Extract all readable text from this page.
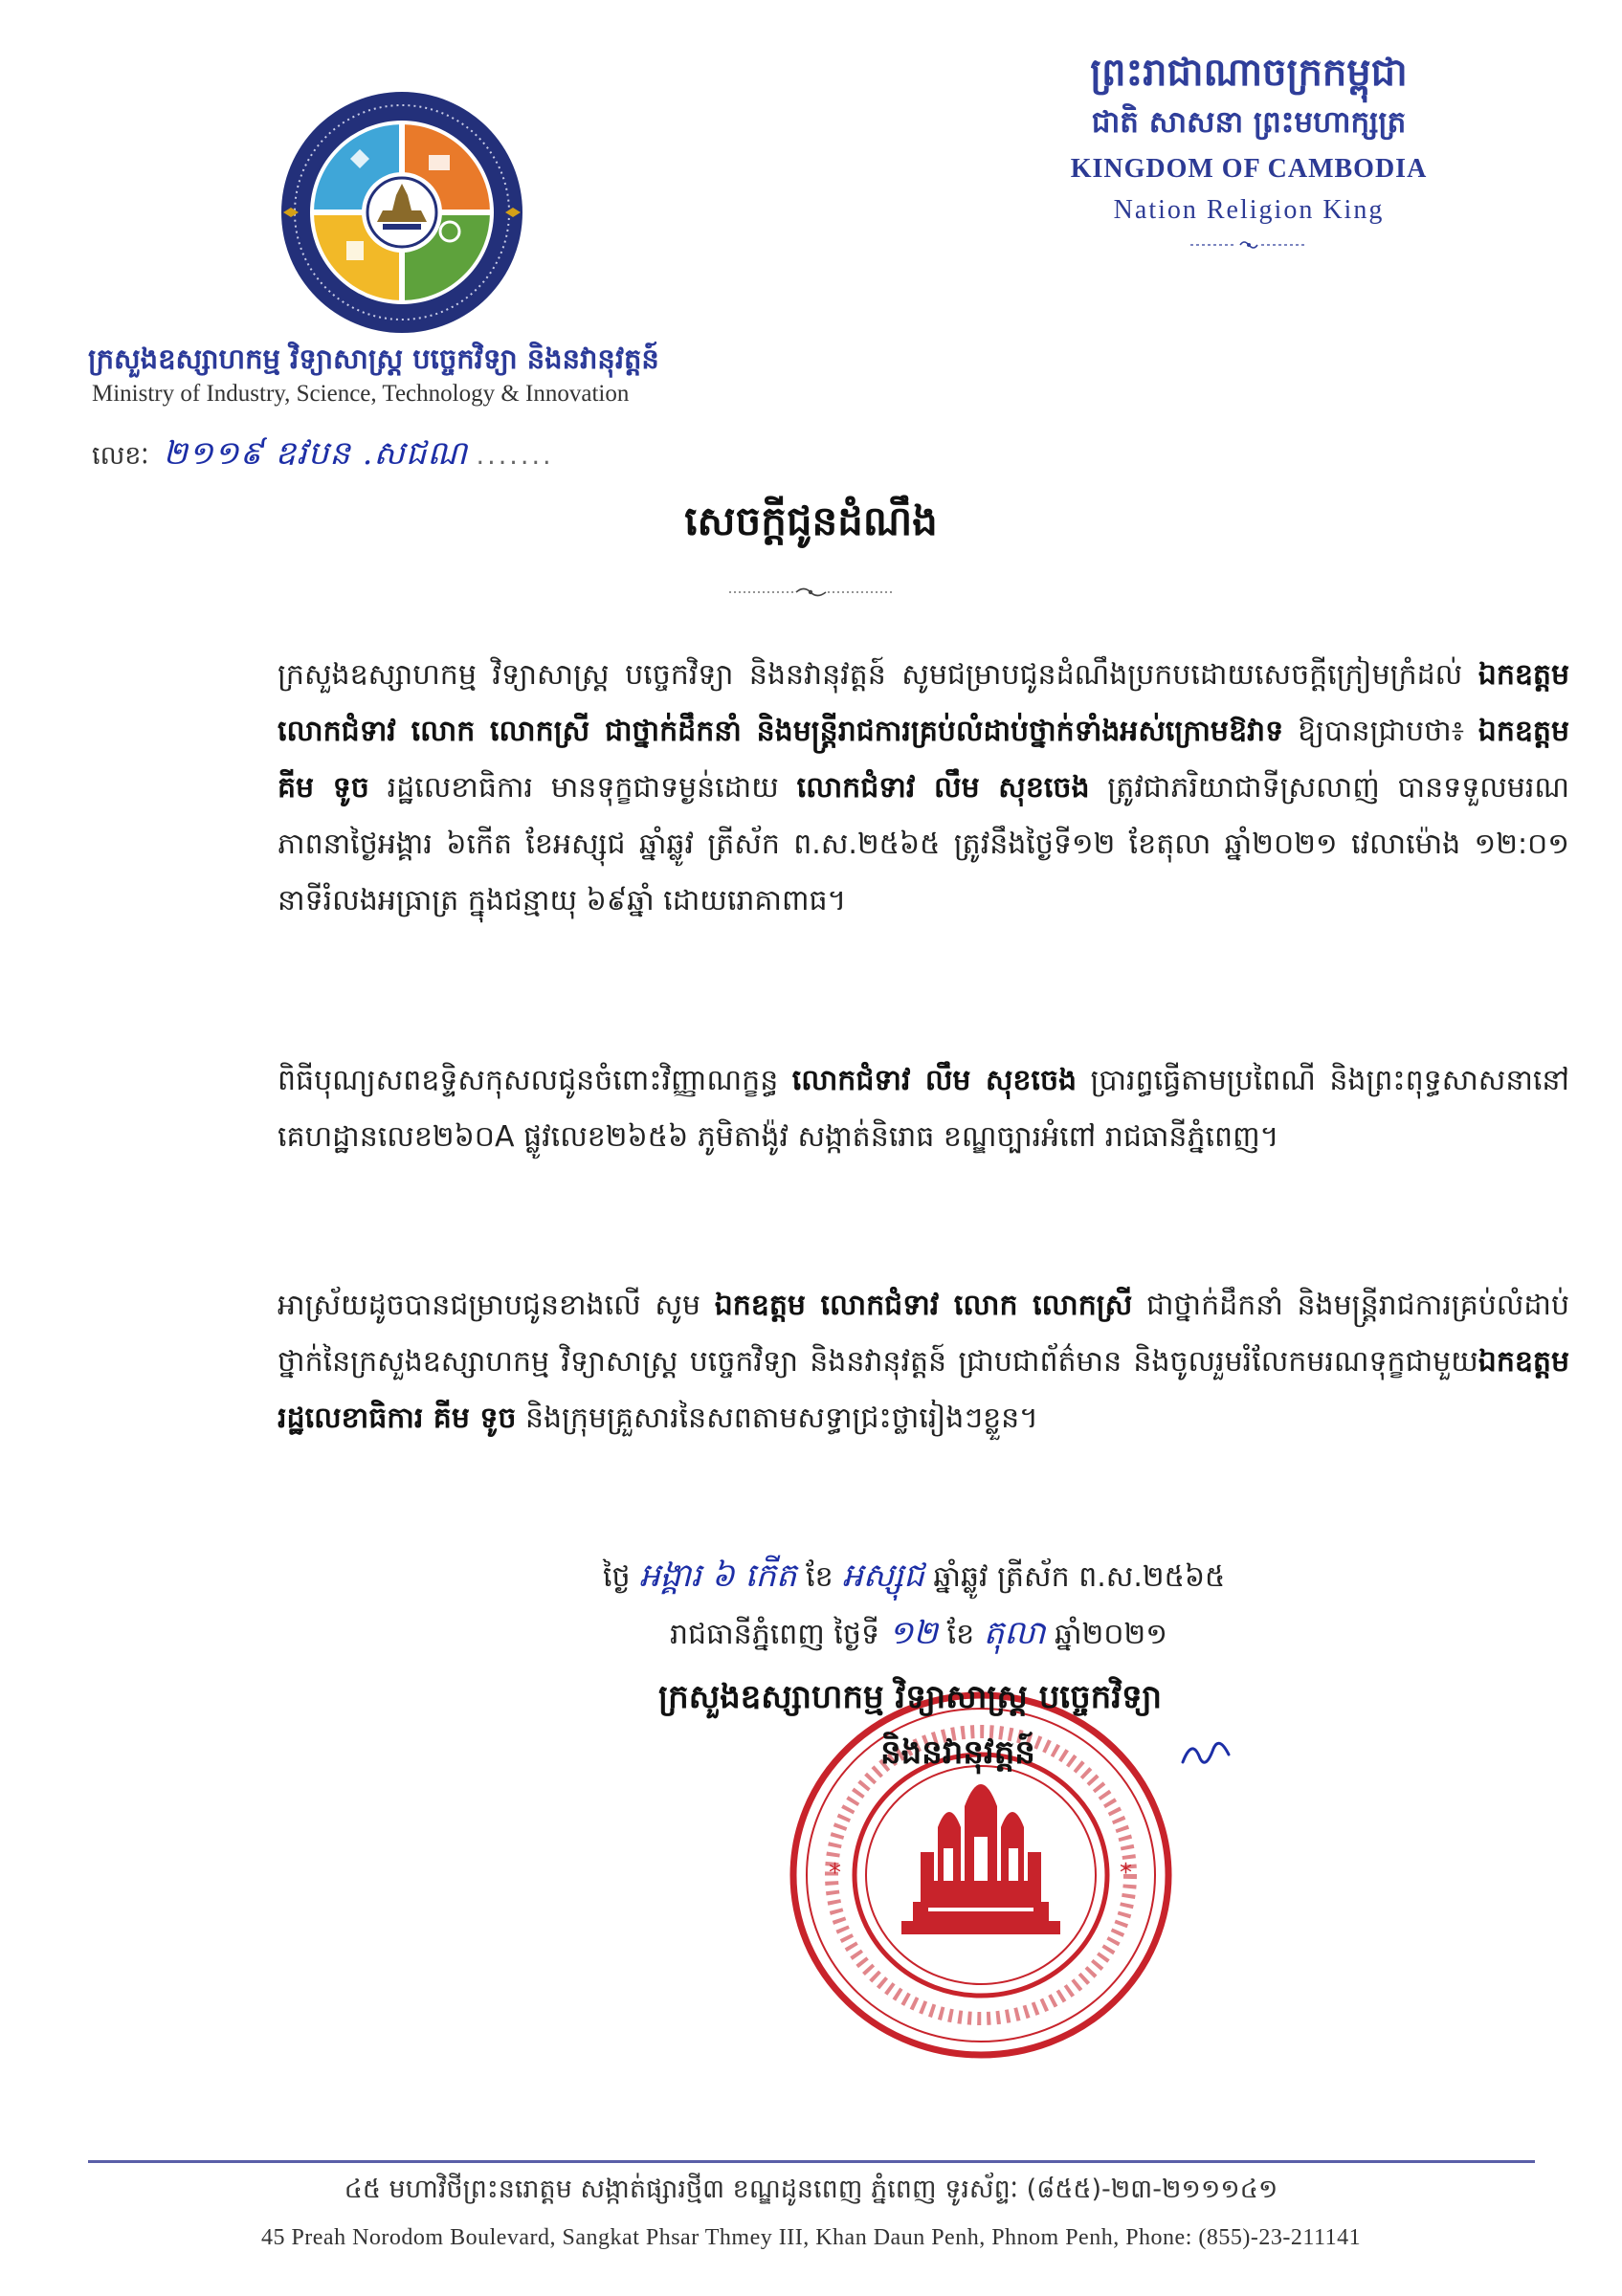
ព្រះរាជាណាចក្រកម្ពុជា
ជាតិ សាសនា ព្រះមហាក្សត្រ
KINGDOM OF CAMBODIA
Nation Religion King
ក្រសួងឧស្សាហកម្ម វិទ្យាសាស្ត្រ បច្ចេកវិទ្យា និងនវានុវត្តន៍
Ministry of Industry, Science, Technology & Innovation
លេខៈ ២១១៩ ឧវបន .សជណ .......
សេចក្តីជូនដំណឹង
ក្រសួងឧស្សាហកម្ម វិទ្យាសាស្ត្រ បច្ចេកវិទ្យា និងនវានុវត្តន៍ សូមជម្រាបជូនដំណឹងប្រកបដោយសេចក្តីក្រៀមក្រំដល់ ឯកឧត្តម លោកជំទាវ លោក លោកស្រី ជាថ្នាក់ដឹកនាំ និងមន្ត្រីរាជការគ្រប់លំដាប់ថ្នាក់ទាំងអស់ក្រោមឱវាទ ឱ្យបានជ្រាបថា៖ ឯកឧត្តម គីម ទូច រដ្ឋលេខាធិការ មានទុក្ខជាទម្ងន់ដោយ លោកជំទាវ លឹម សុខចេង ត្រូវជាភរិយាជាទីស្រលាញ់ បានទទួលមរណភាពនាថ្ងៃអង្គារ ៦កើត ខែអស្សុជ ឆ្នាំឆ្លូវ ត្រីស័ក ព.ស.២៥៦៥ ត្រូវនឹងថ្ងៃទី១២ ខែតុលា ឆ្នាំ២០២១ វេលាម៉ោង ១២:០១ នាទីរំលងអធ្រាត្រ ក្នុងជន្មាយុ ៦៩ឆ្នាំ ដោយរោគាពាធ។
ពិធីបុណ្យសពឧទ្ទិសកុសលជូនចំពោះវិញ្ញាណក្ខន្ធ លោកជំទាវ លឹម សុខចេង ប្រារព្ធធ្វើតាមប្រពៃណី និងព្រះពុទ្ធសាសនានៅគេហដ្ឋានលេខ២៦០A ផ្លូវលេខ២៦៥៦ ភូមិតាង៉ូវ សង្កាត់និរោធ ខណ្ឌច្បារអំពៅ រាជធានីភ្នំពេញ។
អាស្រ័យដូចបានជម្រាបជូនខាងលើ សូម ឯកឧត្តម លោកជំទាវ លោក លោកស្រី ជាថ្នាក់ដឹកនាំ និងមន្ត្រីរាជការគ្រប់លំដាប់ថ្នាក់នៃក្រសួងឧស្សាហកម្ម វិទ្យាសាស្ត្រ បច្ចេកវិទ្យា និងនវានុវត្តន៍ ជ្រាបជាព័ត៌មាន និងចូលរួមរំលែកមរណទុក្ខជាមួយឯកឧត្តមរដ្ឋលេខាធិការ គីម ទូច និងក្រុមគ្រួសារនៃសពតាមសទ្ធាជ្រះថ្លារៀងៗខ្លួន។
ថ្ងៃ អង្គារ ៦ កើត ខែ អស្សុជ ឆ្នាំឆ្លូវ ត្រីស័ក ព.ស.២៥៦៥
រាជធានីភ្នំពេញ ថ្ងៃទី ១២ ខែ តុលា ឆ្នាំ២០២១
*	*
ក្រសួងឧស្សាហកម្ម វិទ្យាសាស្ត្រ បច្ចេកវិទ្យា
និងនវានុវត្តន៍
៤៥ មហាវិថីព្រះនរោត្តម សង្កាត់ផ្សារថ្មី៣ ខណ្ឌដូនពេញ ភ្នំពេញ ទូរស័ព្ទៈ (៨៥៥)-២៣-២១១១៤១
45 Preah Norodom Boulevard, Sangkat Phsar Thmey III, Khan Daun Penh, Phnom Penh, Phone: (855)-23-211141
